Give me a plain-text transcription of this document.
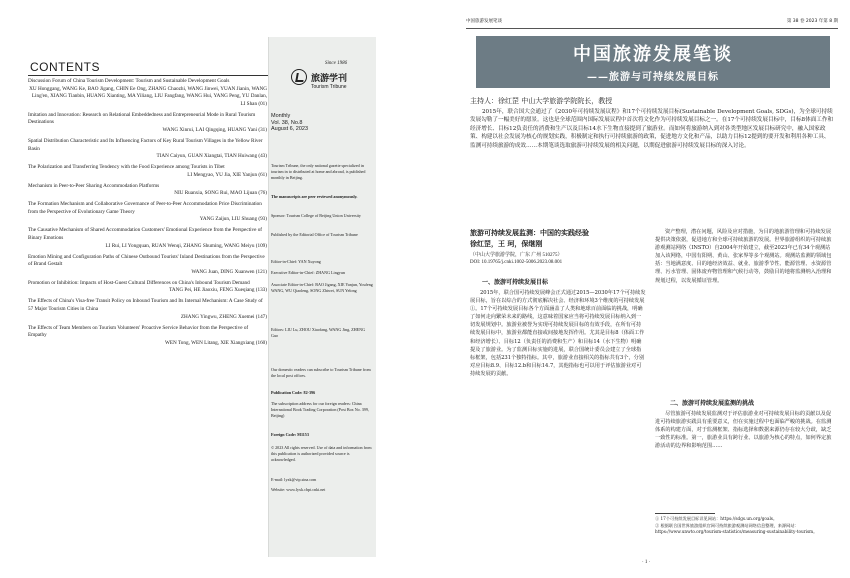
CONTENTS
Discussion Forum of China Tourism Development: Tourism and Sustainable Development Goals
XU Honggang, WANG Ke, BAO Jigang, CHIN Ee Ong, ZHANG Chaozhi, WANG Jinwei, YUAN Jianin, WANG Ling'en, XIANG Tianbin, HUANG Xianting, MA Yiliang, LIU Fangfang, WANG Hui, YANG Peng, YU Danlan, LI Shan (01)
Imitation and Innovation: Research on Relational Embeddedness and Entrepreneurial Mode in Rural Tourism Destinations
WANG Xinrui, LAI Qingqing, HUANG Yani (31)
Spatial Distribution Characteristic and Its Influencing Factors of Key Rural Tourism Villages in the Yellow River Basin
TIAN Caiyun, GUAN Xiangtai, TIAN Huiwang (43)
The Polarization and Transferring Tendency with the Food Experience among Tourists in Tibet
LI Mengyao, YU Jia, XIE Yanjun (61)
Mechanism in Peer-to-Peer Sharing Accommodation Platforms
NIU Ruanxia, SONG Rui, MAO Lijuan (76)
The Formation Mechanism and Collaborative Governance of Peer-to-Peer Accommodation Price Discrimination from the Perspective of Evolutionary Game Theory
YANG Zaijun, LIU Shuang (93)
The Causative Mechanism of Shared Accommodation Customers' Emotional Experience from the Perspective of Binary Emotions
LI Rui, LI Yongquan, RUAN Wenqi, ZHANG Shuming, WANG Meiyu (109)
Emotion Mining and Configuration Paths of Chinese Outbound Tourists' Inland Destinations from the Perspective of Brand Gestalt
WANG Juan, DING Xuanwen (121)
Promotion or Inhibition: Impacts of Host-Guest Cultural Differences on China's Inbound Tourism Demand
TANG Pei, HE Jiaoxiu, FENG Xueqiang (133)
The Effects of China's Visa-free Transit Policy on Inbound Tourism and Its Internal Mechanism: A Case Study of 57 Major Tourism Cities in China
ZHANG Yingwu, ZHENG Xuemei (147)
The Effects of Team Members on Tourism Volunteers' Proactive Service Behavior from the Perspective of Empathy
WEN Tong, WEN Litang, XIE Xiangxiang (160)
Since 1986
旅游学刊
Tourism Tribune
Monthly
Vol. 38, No.8
August 6, 2023
Tourism Tribune, the only national gazette specialized in tourism in to distributed at home and abroad, is published monthly in Beijing.
The manuscripts are peer reviewed anonymously.
Sponsor: Tourism College of Beijing Union University
Published by the Editorial Office of Tourism Tribune
Editor-in-Chief: YAN Xuyong
Executive Editor-in-Chief: ZHANG Lingyun
Associate Editor-in-Chief: BAO Jigang, XIE Yanjun, Youfeng WANG, WU Qiaoleng, SONG Zhiwei, SUN Yelong
Editors: LIU Lu, ZHOU Xiaofang, WANG Jing, ZHENG Guo
Our domestic readers can subscribe to Tourism Tribune from the local post offices.
Publication Code: 82-396
The subscription address for our foreign readers: China International Book Trading Corporation (Post Box No. 399, Beijing)
Foreign Code: M1153
© 2023 All rights reserved. Use of data and information from this publication is authorized provided source is acknowledged.
E-mail: lyxk@vip.sina.com
Website: www.lyxk.cbpt.cnki.net
中国旅游发展笔谈	第 38 卷 2023 年第 8 期
中国旅游发展笔谈
——旅游与可持续发展目标
主持人：徐红罡 中山大学旅游学院院长，教授
2015年，联合国大会通过了《2030年可持续发展议程》和17个可持续发展目标(Sustainable Development Goals, SDGs)，为全球可持续发展勾勒了一幅美好的愿景。这也是全球范围内国际发展议程中首次将文化作为可持续发展目标之一。在17个可持续发展目标中，目标8体面工作和经济增长、目标12负责任的消费和生产以及目标14水下生物直接提到了旅游业。而如何将旅游纳入到对各类型地区发展目标研究中，融入国家政策、构建以社会发展为核心的规划实践，积极制定和执行可持续旅游的政策，促进地方文化和产品，以助力目标12提到的要开发和利用各种工具、监测可持续旅游的成效……本期笔谈选取旅游可持续发展的相关问题，以期促进旅游可持续发展目标的深入讨论。
旅游可持续发展监测：中国的实践经验
徐红罡，王 珂，保继刚
（中山大学旅游学院，广东 广州 510275）
DOI: 10.19765/j.cnki.1002-5006.2023.08.001
一、旅游可持续发展目标
2015年，联合国可持续发展峰会正式通过2015—2030年17个可持续发展目标，旨在以综合的方式彻底解决社会、经济和环境3个维度的可持续发展①。17个可持续发展目标各个方面涵盖了人类和地球百前面临的挑战，明确了如何走向繁荣未来的路线，这意味着国家应当将可持续发展目标纳入到一切发展规划中。旅游业被誉为实现可持续发展目标的有效手段，在所有可持续发展目标中，旅游业都能直接或间接地发挥作用。尤其是目标8（体面工作和经济增长）、目标12（负责任的消费和生产）和目标14（水下生物）明确提及了旅游业。为了监测目标实施的进展，联合国统计委员会建立了全球指标框架，包括231个独特指标。其中，旅游业直接相关的指标共有3个，分别对应目标8.9、目标12.b和目标14.7，其他指标也可以用于评估旅游业对可持续发展的贡献。
资产整理，潜在问题，风险及应对措施，为目的地旅游管理和可持续发展提供决策依据，促进地方和全球可持续旅游的发展。世界旅游组织的可持续旅游观测站网络（INSTO）自2004年开始建立，截至2023年已有34个观测站加入该网络，中国有阳朔、黄山、张家界等多个观测站。观测站监测的领域包括：当地满意度、目的地经济效益、就业、旅游季节性、能源管理、水资源管理、污水管理、固体废弃物管理和气候行动等，鼓励目的地将监测纳入治理和规划过程，以发展循证管理。
二、旅游可持续发展监测的挑战
尽管旅游可持续发展监测对于评估旅游业对可持续发展目标的贡献以及促进可持续旅游实践具有重要意义，但在实施过程中也面临严峻的挑战。在监测体系的构建方面，对于监测框架、指标选择和数据来源仍存在较大分歧，缺乏一致性的标准。第一，旅游业具有跨行业、以旅游为核心的特点，如何界定旅游活动的边界和影响范围……
① 17个可持续发展目标详见网站：https://sdgs.un.org/goals。
② 根据联合国世界旅游组织官网可持续旅游观测站网络信息整理，来源网站：https://www.unwto.org/tourism-statistics/measuring-sustainability-tourism。
· 1 ·
